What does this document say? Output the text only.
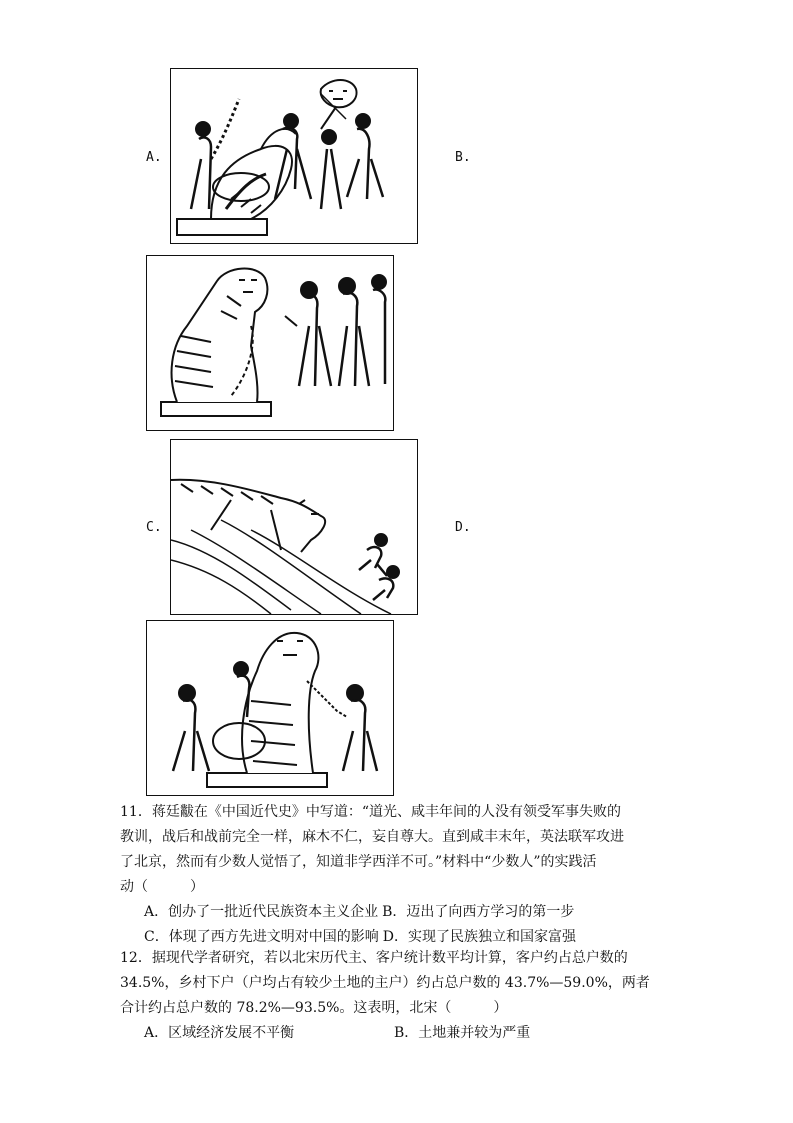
A.	B.
C.	D.
11．蒋廷黻在《中国近代史》中写道：“道光、咸丰年间的人没有领受军事失败的
教训，战后和战前完全一样，麻木不仁，妄自尊大。直到咸丰末年，英法联军攻进
了北京，然而有少数人觉悟了，知道非学西洋不可。”材料中“少数人”的实践活
动（　　　）
A．创办了一批近代民族资本主义企业 B．迈出了向西方学习的第一步
C．体现了西方先进文明对中国的影响 D．实现了民族独立和国家富强
12．据现代学者研究，若以北宋历代主、客户统计数平均计算，客户约占总户数的
34.5%，乡村下户（户均占有较少土地的主户）约占总户数的 43.7%—59.0%，两者
合计约占总户数的 78.2%—93.5%。这表明，北宋（　　　）
A．区域经济发展不平衡	B．土地兼并较为严重
